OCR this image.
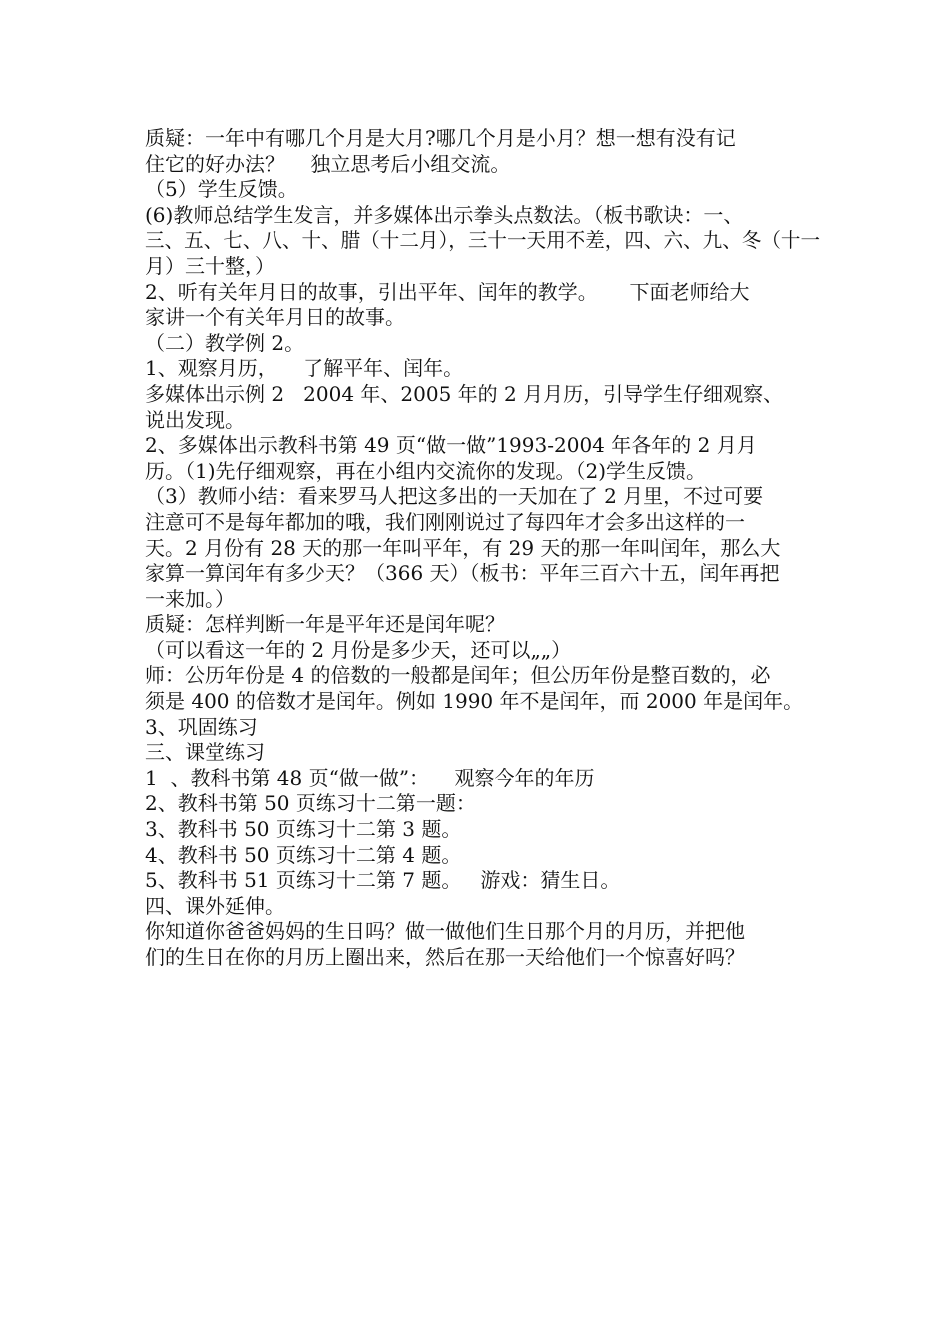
质疑：一年中有哪几个月是大月?哪几个月是小月？想一想有没有记
住它的好办法？    独立思考后小组交流。
（5）学生反馈。
(6)教师总结学生发言，并多媒体出示拳头点数法。（板书歌诀：一、
三、五、七、八、十、腊（十二月），三十一天用不差，四、六、九、冬（十一
月）三十整，）
2、听有关年月日的故事，引出平年、闰年的教学。     下面老师给大
家讲一个有关年月日的故事。
（二）教学例 2。
1、观察月历，    了解平年、闰年。
多媒体出示例 2   2004 年、2005 年的 2 月月历，引导学生仔细观察、
说出发现。
2、多媒体出示教科书第 49 页“做一做”1993-2004 年各年的 2 月月
历。（1)先仔细观察，再在小组内交流你的发现。（2)学生反馈。
（3）教师小结：看来罗马人把这多出的一天加在了 2 月里，不过可要
注意可不是每年都加的哦，我们刚刚说过了每四年才会多出这样的一
天。2 月份有 28 天的那一年叫平年，有 29 天的那一年叫闰年，那么大
家算一算闰年有多少天？（366 天）（板书：平年三百六十五，闰年再把
一来加。）
质疑：怎样判断一年是平年还是闰年呢？
（可以看这一年的 2 月份是多少天，还可以„„）
师：公历年份是 4 的倍数的一般都是闰年；但公历年份是整百数的，必
须是 400 的倍数才是闰年。例如 1990 年不是闰年，而 2000 年是闰年。
3、巩固练习
三、课堂练习
1  、教科书第 48 页“做一做”：    观察今年的年历
2、教科书第 50 页练习十二第一题：
3、教科书 50 页练习十二第 3 题。
4、教科书 50 页练习十二第 4 题。
5、教科书 51 页练习十二第 7 题。   游戏：猜生日。
四、课外延伸。
你知道你爸爸妈妈的生日吗？做一做他们生日那个月的月历，并把他
们的生日在你的月历上圈出来，然后在那一天给他们一个惊喜好吗？
